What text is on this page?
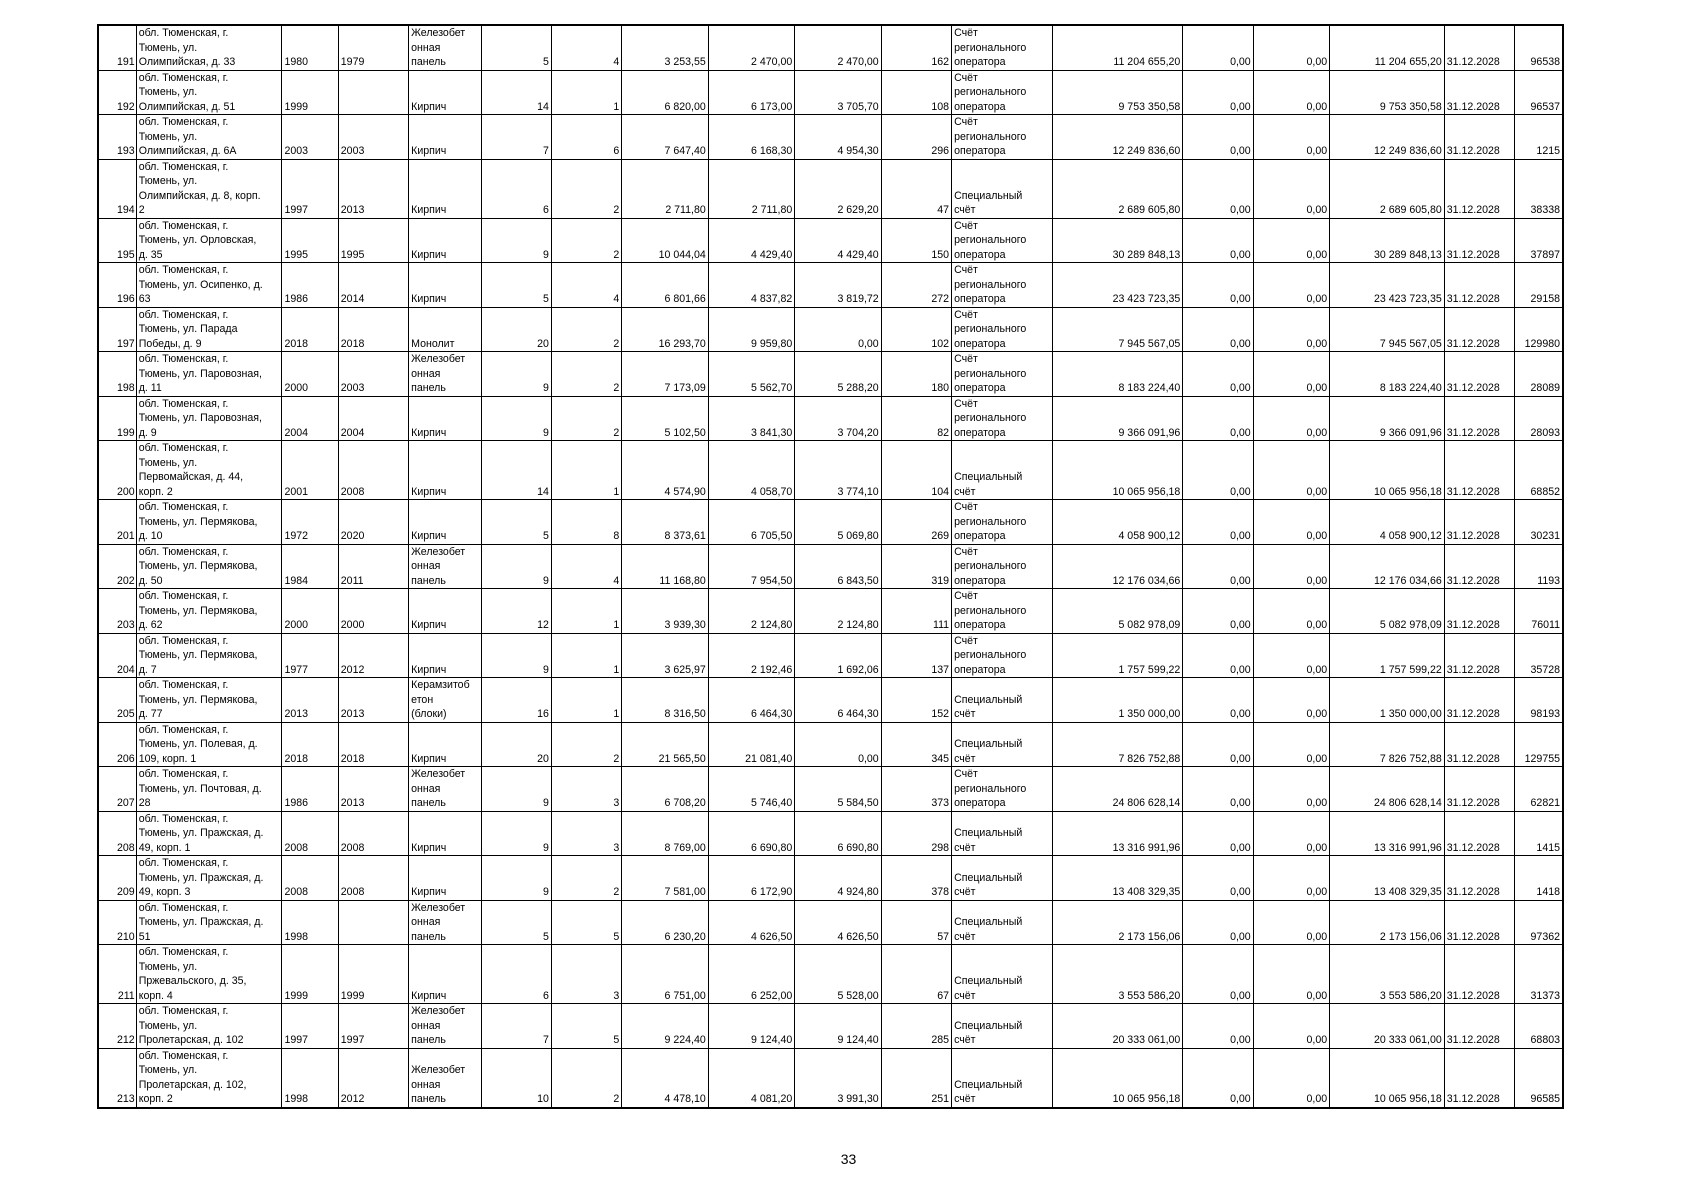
191	обл. Тюменская, г.
Тюмень, ул.
Олимпийская, д. 33	1980	1979	Железобет
онная
панель	5	4	3 253,55	2 470,00	2 470,00	162	Счёт
регионального
оператора	11 204 655,20	0,00	0,00	11 204 655,20	31.12.2028	96538
192	обл. Тюменская, г.
Тюмень, ул.
Олимпийская, д. 51	1999		Кирпич	14	1	6 820,00	6 173,00	3 705,70	108	Счёт
регионального
оператора	9 753 350,58	0,00	0,00	9 753 350,58	31.12.2028	96537
193	обл. Тюменская, г.
Тюмень, ул.
Олимпийская, д. 6А	2003	2003	Кирпич	7	6	7 647,40	6 168,30	4 954,30	296	Счёт
регионального
оператора	12 249 836,60	0,00	0,00	12 249 836,60	31.12.2028	1215
194	обл. Тюменская, г.
Тюмень, ул.
Олимпийская, д. 8, корп.
2	1997	2013	Кирпич	6	2	2 711,80	2 711,80	2 629,20	47	Специальный
счёт	2 689 605,80	0,00	0,00	2 689 605,80	31.12.2028	38338
195	обл. Тюменская, г.
Тюмень, ул. Орловская,
д. 35	1995	1995	Кирпич	9	2	10 044,04	4 429,40	4 429,40	150	Счёт
регионального
оператора	30 289 848,13	0,00	0,00	30 289 848,13	31.12.2028	37897
196	обл. Тюменская, г.
Тюмень, ул. Осипенко, д.
63	1986	2014	Кирпич	5	4	6 801,66	4 837,82	3 819,72	272	Счёт
регионального
оператора	23 423 723,35	0,00	0,00	23 423 723,35	31.12.2028	29158
197	обл. Тюменская, г.
Тюмень, ул. Парада
Победы, д. 9	2018	2018	Монолит	20	2	16 293,70	9 959,80	0,00	102	Счёт
регионального
оператора	7 945 567,05	0,00	0,00	7 945 567,05	31.12.2028	129980
198	обл. Тюменская, г.
Тюмень, ул. Паровозная,
д. 11	2000	2003	Железобет
онная
панель	9	2	7 173,09	5 562,70	5 288,20	180	Счёт
регионального
оператора	8 183 224,40	0,00	0,00	8 183 224,40	31.12.2028	28089
199	обл. Тюменская, г.
Тюмень, ул. Паровозная,
д. 9	2004	2004	Кирпич	9	2	5 102,50	3 841,30	3 704,20	82	Счёт
регионального
оператора	9 366 091,96	0,00	0,00	9 366 091,96	31.12.2028	28093
200	обл. Тюменская, г.
Тюмень, ул.
Первомайская, д. 44,
корп. 2	2001	2008	Кирпич	14	1	4 574,90	4 058,70	3 774,10	104	Специальный
счёт	10 065 956,18	0,00	0,00	10 065 956,18	31.12.2028	68852
201	обл. Тюменская, г.
Тюмень, ул. Пермякова,
д. 10	1972	2020	Кирпич	5	8	8 373,61	6 705,50	5 069,80	269	Счёт
регионального
оператора	4 058 900,12	0,00	0,00	4 058 900,12	31.12.2028	30231
202	обл. Тюменская, г.
Тюмень, ул. Пермякова,
д. 50	1984	2011	Железобет
онная
панель	9	4	11 168,80	7 954,50	6 843,50	319	Счёт
регионального
оператора	12 176 034,66	0,00	0,00	12 176 034,66	31.12.2028	1193
203	обл. Тюменская, г.
Тюмень, ул. Пермякова,
д. 62	2000	2000	Кирпич	12	1	3 939,30	2 124,80	2 124,80	111	Счёт
регионального
оператора	5 082 978,09	0,00	0,00	5 082 978,09	31.12.2028	76011
204	обл. Тюменская, г.
Тюмень, ул. Пермякова,
д. 7	1977	2012	Кирпич	9	1	3 625,97	2 192,46	1 692,06	137	Счёт
регионального
оператора	1 757 599,22	0,00	0,00	1 757 599,22	31.12.2028	35728
205	обл. Тюменская, г.
Тюмень, ул. Пермякова,
д. 77	2013	2013	Керамзитоб
етон
(блоки)	16	1	8 316,50	6 464,30	6 464,30	152	Специальный
счёт	1 350 000,00	0,00	0,00	1 350 000,00	31.12.2028	98193
206	обл. Тюменская, г.
Тюмень, ул. Полевая, д.
109, корп. 1	2018	2018	Кирпич	20	2	21 565,50	21 081,40	0,00	345	Специальный
счёт	7 826 752,88	0,00	0,00	7 826 752,88	31.12.2028	129755
207	обл. Тюменская, г.
Тюмень, ул. Почтовая, д.
28	1986	2013	Железобет
онная
панель	9	3	6 708,20	5 746,40	5 584,50	373	Счёт
регионального
оператора	24 806 628,14	0,00	0,00	24 806 628,14	31.12.2028	62821
208	обл. Тюменская, г.
Тюмень, ул. Пражская, д.
49, корп. 1	2008	2008	Кирпич	9	3	8 769,00	6 690,80	6 690,80	298	Специальный
счёт	13 316 991,96	0,00	0,00	13 316 991,96	31.12.2028	1415
209	обл. Тюменская, г.
Тюмень, ул. Пражская, д.
49, корп. 3	2008	2008	Кирпич	9	2	7 581,00	6 172,90	4 924,80	378	Специальный
счёт	13 408 329,35	0,00	0,00	13 408 329,35	31.12.2028	1418
210	обл. Тюменская, г.
Тюмень, ул. Пражская, д.
51	1998		Железобет
онная
панель	5	5	6 230,20	4 626,50	4 626,50	57	Специальный
счёт	2 173 156,06	0,00	0,00	2 173 156,06	31.12.2028	97362
211	обл. Тюменская, г.
Тюмень, ул.
Пржевальского, д. 35,
корп. 4	1999	1999	Кирпич	6	3	6 751,00	6 252,00	5 528,00	67	Специальный
счёт	3 553 586,20	0,00	0,00	3 553 586,20	31.12.2028	31373
212	обл. Тюменская, г.
Тюмень, ул.
Пролетарская, д. 102	1997	1997	Железобет
онная
панель	7	5	9 224,40	9 124,40	9 124,40	285	Специальный
счёт	20 333 061,00	0,00	0,00	20 333 061,00	31.12.2028	68803
213	обл. Тюменская, г.
Тюмень, ул.
Пролетарская, д. 102,
корп. 2	1998	2012	Железобет
онная
панель	10	2	4 478,10	4 081,20	3 991,30	251	Специальный
счёт	10 065 956,18	0,00	0,00	10 065 956,18	31.12.2028	96585
33
